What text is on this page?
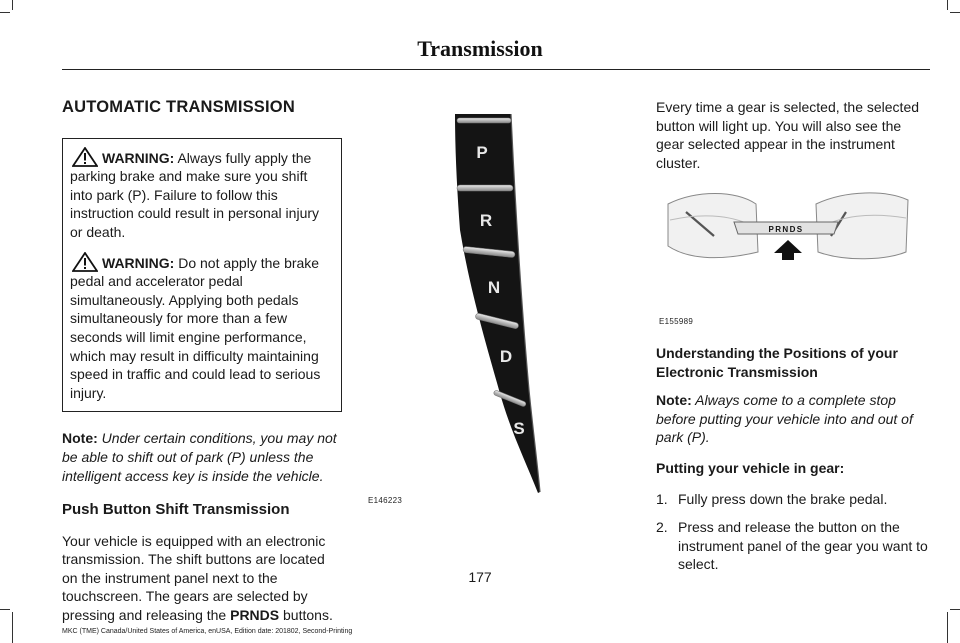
Transmission
AUTOMATIC TRANSMISSION

WARNING: Always fully apply the parking brake and make sure you shift into park (P). Failure to follow this instruction could result in personal injury or death.

WARNING: Do not apply the brake pedal and accelerator pedal simultaneously. Applying both pedals simultaneously for more than a few seconds will limit engine performance, which may result in difficulty maintaining speed in traffic and could lead to serious injury.

Note: Under certain conditions, you may not be able to shift out of park (P) unless the intelligent access key is inside the vehicle.

Push Button Shift Transmission

Your vehicle is equipped with an electronic transmission. The shift buttons are located on the instrument panel next to the touchscreen. The gears are selected by pressing and releasing the PRNDS buttons.

P
R
N
D
S
E146223

Every time a gear is selected, the selected button will light up. You will also see the gear selected appear in the instrument cluster.

PRNDS
E155989
Understanding the Positions of your Electronic Transmission

Note: Always come to a complete stop before putting your vehicle into and out of park (P).

Putting your vehicle in gear:

1. Fully press down the brake pedal.
2. Press and release the button on the instrument panel of the gear you want to select.
177
MKC (TME) Canada/United States of America, enUSA, Edition date: 201802, Second-Printing
